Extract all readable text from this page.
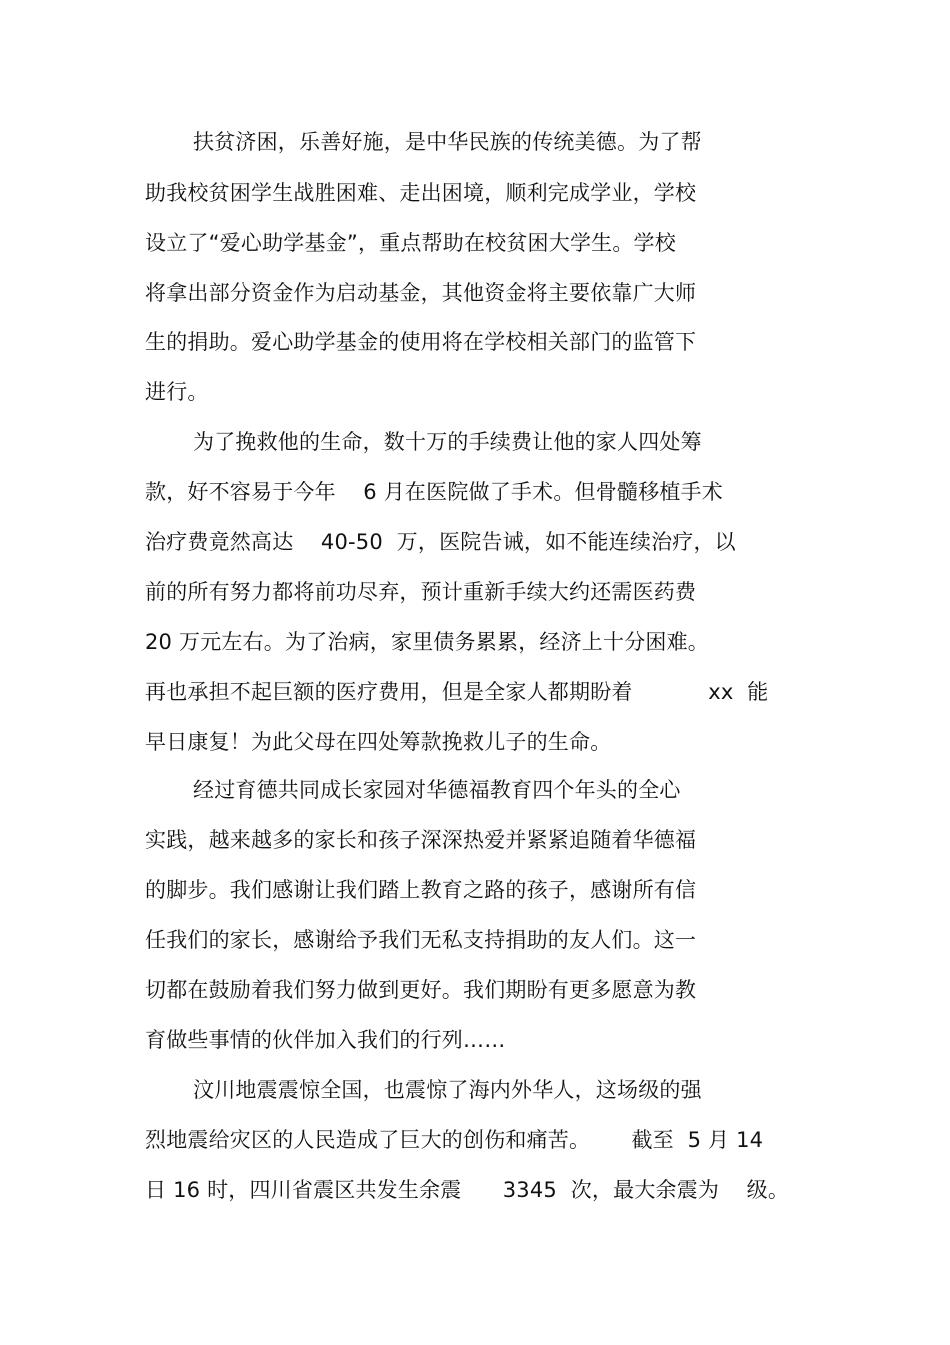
扶贫济困，乐善好施，是中华民族的传统美德。为了帮
助我校贫困学生战胜困难、走出困境，顺利完成学业，学校
设立了“爱心助学基金”，重点帮助在校贫困大学生。学校
将拿出部分资金作为启动基金，其他资金将主要依靠广大师
生的捐助。爱心助学基金的使用将在学校相关部门的监管下
进行。
为了挽救他的生命，数十万的手续费让他的家人四处筹
款，好不容易于今年    6 月在医院做了手术。但骨髓移植手术
治疗费竟然高达    40-50  万，医院告诫，如不能连续治疗，以
前的所有努力都将前功尽弃，预计重新手续大约还需医药费
20 万元左右。为了治病，家里债务累累，经济上十分困难。
再也承担不起巨额的医疗费用，但是全家人都期盼着           xx  能
早日康复！为此父母在四处筹款挽救儿子的生命。
经过育德共同成长家园对华德福教育四个年头的全心
实践，越来越多的家长和孩子深深热爱并紧紧追随着华德福
的脚步。我们感谢让我们踏上教育之路的孩子，感谢所有信
任我们的家长，感谢给予我们无私支持捐助的友人们。这一
切都在鼓励着我们努力做到更好。我们期盼有更多愿意为教
育做些事情的伙伴加入我们的行列……
汶川地震震惊全国，也震惊了海内外华人，这场级的强
烈地震给灾区的人民造成了巨大的创伤和痛苦。      截至  5 月 14
日 16 时，四川省震区共发生余震      3345  次，最大余震为    级。
